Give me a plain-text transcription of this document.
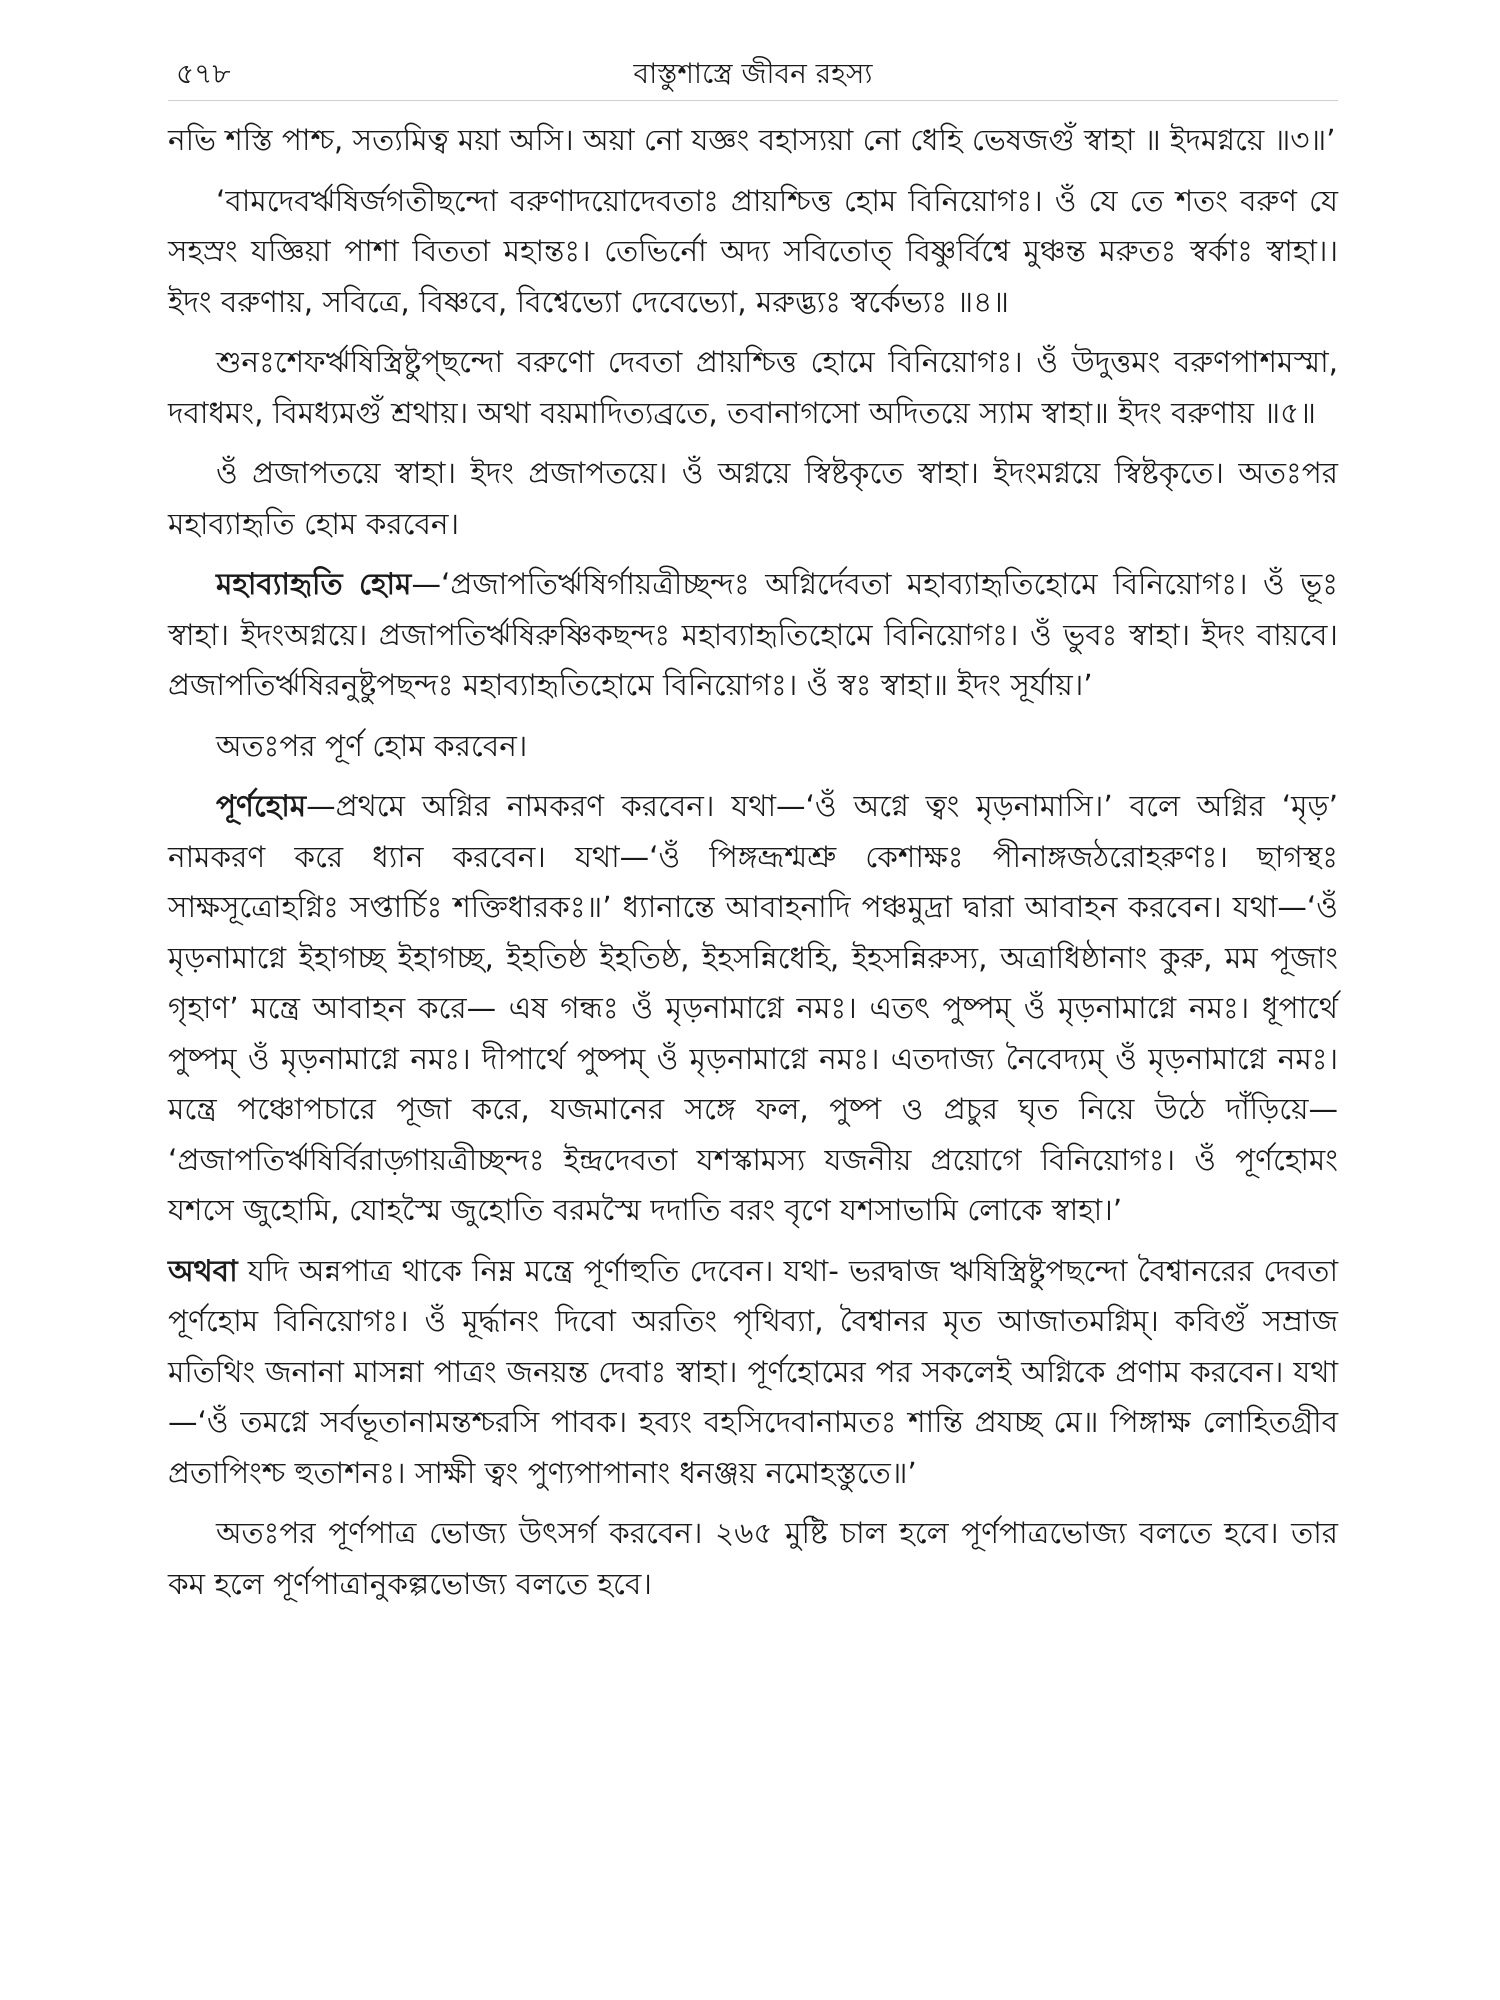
৫৭৮	বাস্তুশাস্ত্রে জীবন রহস্য

নভি শস্তি পাশ্চ, সত্যমিত্ব ময়া অসি। অয়া নো যজ্ঞং বহাস্যয়া নো ধেহি ভেষজগুঁ স্বাহা ॥ ইদমগ্নয়ে ॥৩॥’

‘বামদেবর্ঋষির্জগতীছন্দো বরুণাদয়োদেবতাঃ প্রায়শ্চিত্ত হোম বিনিয়োগঃ। ওঁ যে তে শতং বরুণ যে সহস্রং যজ্ঞিয়া পাশা বিততা মহান্তঃ। তেভির্নো অদ্য সবিতোত্ বিষ্ণুর্বিশ্বে মুঞ্চন্ত মরুতঃ স্বর্কাঃ স্বাহা।। ইদং বরুণায়, সবিত্রে, বিষ্ণবে, বিশ্বেভ্যো দেবেভ্যো, মরুদ্ভ্যঃ স্বর্কেভ্যঃ ॥৪॥

শুনঃশেফর্ঋষিস্ত্রিষ্টুপ্ছন্দো বরুণো দেবতা প্রায়শ্চিত্ত হোমে বিনিয়োগঃ। ওঁ উদুত্তমং বরুণপাশমস্মা, দবাধমং, বিমধ্যমগুঁ শ্রথায়। অথা বয়মাদিত্যব্রতে, তবানাগসো অদিতয়ে স্যাম স্বাহা॥ ইদং বরুণায় ॥৫॥

ওঁ প্রজাপতয়ে স্বাহা। ইদং প্রজাপতয়ে। ওঁ অগ্নয়ে স্বিষ্টকৃতে স্বাহা। ইদংমগ্নয়ে স্বিষ্টকৃতে। অতঃপর মহাব্যাহৃতি হোম করবেন।

মহাব্যাহৃতি হোম—‘প্রজাপতির্ঋষির্গায়ত্রীচ্ছন্দঃ অগ্নির্দেবতা মহাব্যাহৃতিহোমে বিনিয়োগঃ। ওঁ ভূঃ স্বাহা। ইদংঅগ্নয়ে। প্রজাপতির্ঋষিরুষ্ণিকছন্দঃ মহাব্যাহৃতিহোমে বিনিয়োগঃ। ওঁ ভুবঃ স্বাহা। ইদং বায়বে। প্রজাপতির্ঋষিরনুষ্টুপছন্দঃ মহাব্যাহৃতিহোমে বিনিয়োগঃ। ওঁ স্বঃ স্বাহা॥ ইদং সূর্যায়।’

অতঃপর পূর্ণ হোম করবেন।

পূর্ণহোম—প্রথমে অগ্নির নামকরণ করবেন। যথা—‘ওঁ অগ্নে ত্বং মৃড়নামাসি।’ বলে অগ্নির ‘মৃড়’ নামকরণ করে ধ্যান করবেন। যথা—‘ওঁ পিঙ্গভ্রূশ্মশ্রু কেশাক্ষঃ পীনাঙ্গজঠরোহরুণঃ। ছাগস্থঃ সাক্ষসূত্রোহগ্নিঃ সপ্তার্চিঃ শক্তিধারকঃ॥’ ধ্যানান্তে আবাহনাদি পঞ্চমুদ্রা দ্বারা আবাহন করবেন। যথা—‘ওঁ মৃড়নামাগ্নে ইহাগচ্ছ ইহাগচ্ছ, ইহতিষ্ঠ ইহতিষ্ঠ, ইহসন্নিধেহি, ইহসন্নিরুস্য, অত্রাধিষ্ঠানাং কুরু, মম পূজাং গৃহাণ’ মন্ত্রে আবাহন করে— এষ গন্ধঃ ওঁ মৃড়নামাগ্নে নমঃ। এতৎ পুষ্পম্ ওঁ মৃড়নামাগ্নে নমঃ। ধূপার্থে পুষ্পম্ ওঁ মৃড়নামাগ্নে নমঃ। দীপার্থে পুষ্পম্ ওঁ মৃড়নামাগ্নে নমঃ। এতদাজ্য নৈবেদ্যম্ ওঁ মৃড়নামাগ্নে নমঃ। মন্ত্রে পঞ্চোপচারে পূজা করে, যজমানের সঙ্গে ফল, পুষ্প ও প্রচুর ঘৃত নিয়ে উঠে দাঁড়িয়ে— ‘প্রজাপতির্ঋষির্বিরাড়্গায়ত্রীচ্ছন্দঃ ইন্দ্রদেবতা যশস্কামস্য যজনীয় প্রয়োগে বিনিয়োগঃ। ওঁ পূর্ণহোমং যশসে জুহোমি, যোহস্মৈ জুহোতি বরমস্মৈ দদাতি বরং বৃণে যশসাভামি লোকে স্বাহা।’

অথবা যদি অন্নপাত্র থাকে নিম্ন মন্ত্রে পূর্ণাহুতি দেবেন। যথা- ভরদ্বাজ ঋষিস্ত্রিষ্টুপছন্দো বৈশ্বানরের দেবতা পূর্ণহোম বিনিয়োগঃ। ওঁ মূর্দ্ধানং দিবো অরতিং পৃথিব্যা, বৈশ্বানর মৃত আজাতমগ্নিম্। কবিগুঁ সম্রাজ মতিথিং জনানা মাসন্না পাত্রং জনয়ন্ত দেবাঃ স্বাহা। পূর্ণহোমের পর সকলেই অগ্নিকে প্রণাম করবেন। যথা—‘ওঁ তমগ্নে সর্বভূতানামন্তশ্চরসি পাবক। হব্যং বহসিদেবানামতঃ শান্তি প্রযচ্ছ মে॥ পিঙ্গাক্ষ লোহিতগ্রীব প্রতাপিংশ্চ হুতাশনঃ। সাক্ষী ত্বং পুণ্যপাপানাং ধনঞ্জয় নমোহস্তুতে॥’

অতঃপর পূর্ণপাত্র ভোজ্য উৎসর্গ করবেন। ২৬৫ মুষ্টি চাল হলে পূর্ণপাত্রভোজ্য বলতে হবে। তার কম হলে পূর্ণপাত্রানুকল্পভোজ্য বলতে হবে।
